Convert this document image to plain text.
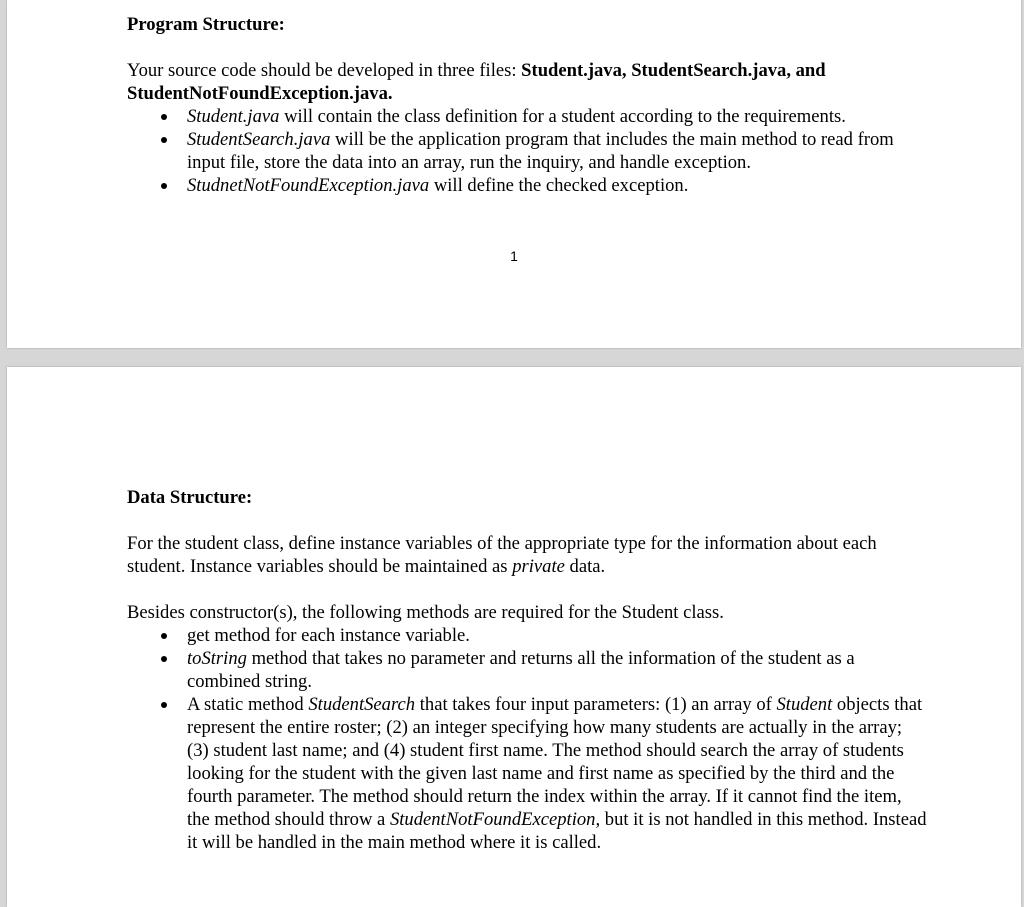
Program Structure:

Your source code should be developed in three files: Student.java, StudentSearch.java, and StudentNotFoundException.java.

Student.java will contain the class definition for a student according to the requirements.
StudentSearch.java will be the application program that includes the main method to read from input file, store the data into an array, run the inquiry, and handle exception.
StudnetNotFoundException.java will define the checked exception.
1

Data Structure:

For the student class, define instance variables of the appropriate type for the information about each student. Instance variables should be maintained as private data.

Besides constructor(s), the following methods are required for the Student class.

get method for each instance variable.
toString method that takes no parameter and returns all the information of the student as a combined string.
A static method StudentSearch that takes four input parameters: (1) an array of Student objects that represent the entire roster; (2) an integer specifying how many students are actually in the array; (3) student last name; and (4) student first name. The method should search the array of students looking for the student with the given last name and first name as specified by the third and the fourth parameter. The method should return the index within the array. If it cannot find the item, the method should throw a StudentNotFoundException, but it is not handled in this method. Instead it will be handled in the main method where it is called.
